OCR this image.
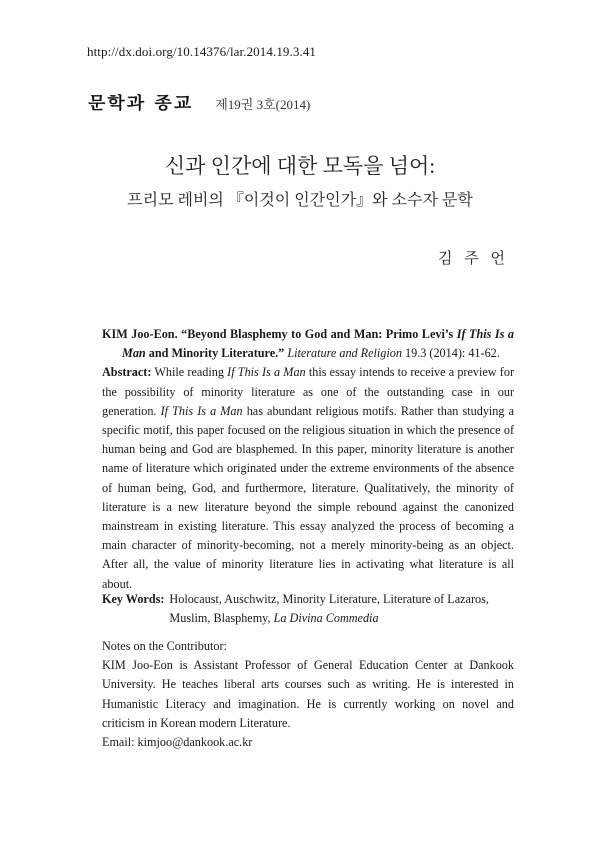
http://dx.doi.org/10.14376/lar.2014.19.3.41
문학과 종교 제19권 3호(2014)
신과 인간에 대한 모독을 넘어:
프리모 레비의 『이것이 인간인가』와 소수자 문학
김 주 언

KIM Joo-Eon. “Beyond Blasphemy to God and Man: Primo Levi’s If This Is a Man and Minority Literature.” Literature and Religion 19.3 (2014): 41-62.

Abstract: While reading If This Is a Man this essay intends to receive a preview for the possibility of minority literature as one of the outstanding case in our generation. If This Is a Man has abundant religious motifs. Rather than studying a specific motif, this paper focused on the religious situation in which the presence of human being and God are blasphemed. In this paper, minority literature is another name of literature which originated under the extreme environments of the absence of human being, God, and furthermore, literature. Qualitatively, the minority of literature is a new literature beyond the simple rebound against the canonized mainstream in existing literature. This essay analyzed the process of becoming a main character of minority-becoming, not a merely minority-being as an object. After all, the value of minority literature lies in activating what literature is all about.

Key Words: Holocaust, Auschwitz, Minority Literature, Literature of Lazaros, Muslim, Blasphemy, La Divina Commedia

Notes on the Contributor:

KIM Joo-Eon is Assistant Professor of General Education Center at Dankook University. He teaches liberal arts courses such as writing. He is interested in Humanistic Literacy and imagination. He is currently working on novel and criticism in Korean modern Literature.

Email: kimjoo@dankook.ac.kr
